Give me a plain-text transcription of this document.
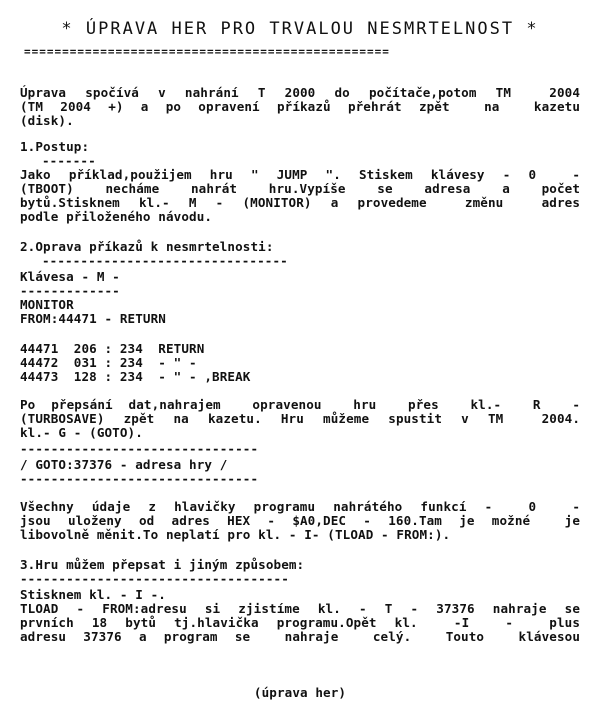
* ÚPRAVA HER PRO TRVALOU NESMRTELNOST *
================================================
Úprava spočívá v nahrání T 2000 do počítače,potom TM  2004
(TM 2004 +) a po opravení příkazů přehrát zpět  na  kazetu
(disk).
1.Postup:
-------
Jako příklad,použijem hru " JUMP ". Stiskem klávesy - 0  -
(TBOOT)  necháme  nahrát  hru.Vypíše  se  adresa  a  počet
bytů.Stisknem kl.- M - (MONITOR) a provedeme  změnu  adres
podle přiloženého návodu.
2.Oprava příkazů k nesmrtelnosti:
--------------------------------
Klávesa - M -
-------------
MONITOR
FROM:44471 - RETURN
44471  206 : 234  RETURN
44472  031 : 234  - " -
44473  128 : 234  - " - ,BREAK
Po přepsání dat,nahrajem  opravenou  hru  přes  kl.-  R  -
(TURBOSAVE) zpět na kazetu. Hru můžeme spustit v TM  2004.
kl.- G - (GOTO).
-------------------------------
/ GOTO:37376 - adresa hry /
-------------------------------
Všechny údaje z hlavičky programu nahrátého funkcí -  0  -
jsou uloženy od adres HEX - $A0,DEC - 160.Tam je možné  je
libovolně měnit.To neplatí pro kl. - I- (TLOAD - FROM:).
3.Hru můžem přepsat i jiným způsobem:
-----------------------------------
Stisknem kl. - I -.
TLOAD - FROM:adresu si zjistíme kl. - T - 37376 nahraje se
prvních 18 bytů tj.hlavička programu.Opět kl.  -I  -  plus
adresu 37376 a program se  nahraje  celý.  Touto  klávesou
(úprava her)
